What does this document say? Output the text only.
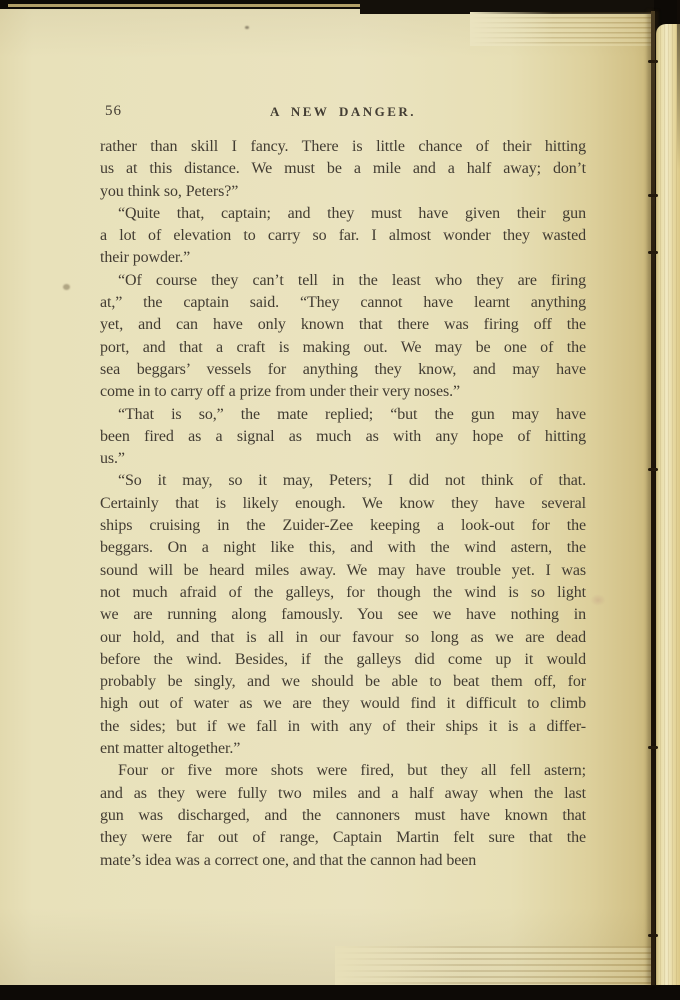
56	A NEW DANGER.
rather than skill I fancy. There is little chance of their hitting
us at this distance. We must be a mile and a half away; don’t
you think so, Peters?”
“Quite that, captain; and they must have given their gun
a lot of elevation to carry so far. I almost wonder they wasted
their powder.”
“Of course they can’t tell in the least who they are firing
at,” the captain said. “They cannot have learnt anything
yet, and can have only known that there was firing off the
port, and that a craft is making out. We may be one of the
sea beggars’ vessels for anything they know, and may have
come in to carry off a prize from under their very noses.”
“That is so,” the mate replied; “but the gun may have
been fired as a signal as much as with any hope of hitting
us.”
“So it may, so it may, Peters; I did not think of that.
Certainly that is likely enough. We know they have several
ships cruising in the Zuider-Zee keeping a look-out for the
beggars. On a night like this, and with the wind astern, the
sound will be heard miles away. We may have trouble yet. I was
not much afraid of the galleys, for though the wind is so light
we are running along famously. You see we have nothing in
our hold, and that is all in our favour so long as we are dead
before the wind. Besides, if the galleys did come up it would
probably be singly, and we should be able to beat them off, for
high out of water as we are they would find it difficult to climb
the sides; but if we fall in with any of their ships it is a differ-
ent matter altogether.”
Four or five more shots were fired, but they all fell astern;
and as they were fully two miles and a half away when the last
gun was discharged, and the cannoners must have known that
they were far out of range, Captain Martin felt sure that the
mate’s idea was a correct one, and that the cannon had been
